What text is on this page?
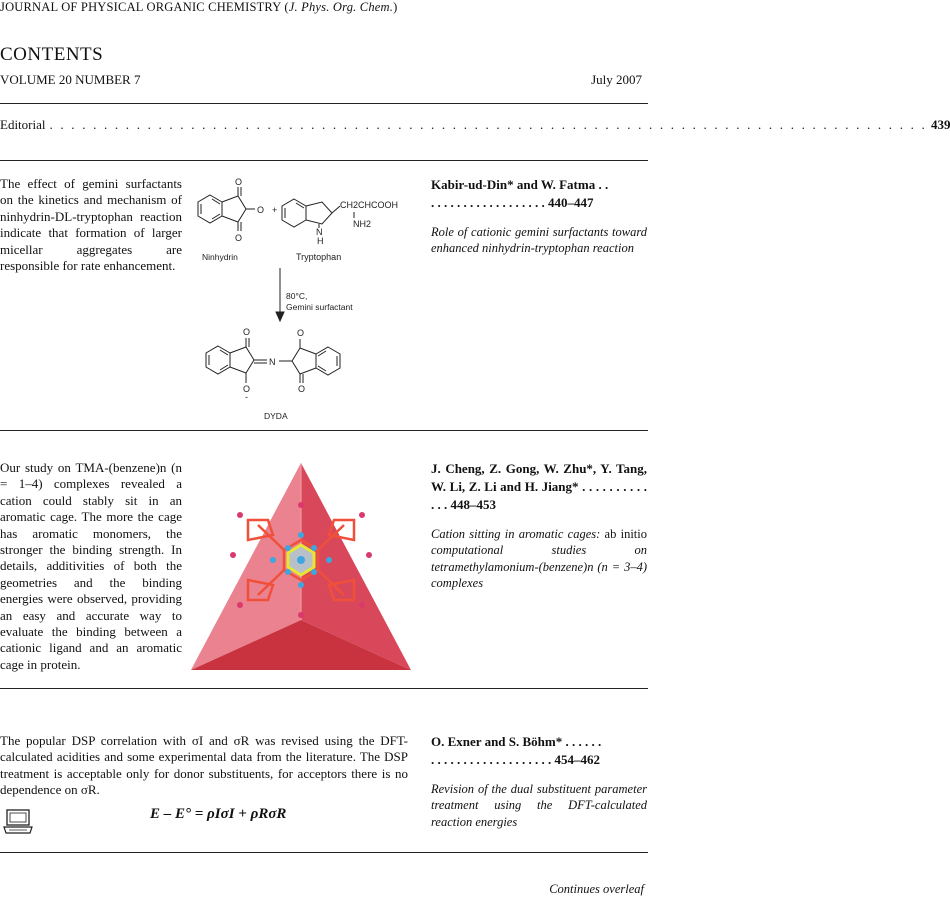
JOURNAL OF PHYSICAL ORGANIC CHEMISTRY (J. Phys. Org. Chem.)
CONTENTS
VOLUME 20 NUMBER 7	July 2007
Editorial . . . . . . . . . . . . . . . . . . . . . . . . . . . . . . . . . . . . . . . . . . . . . . . . . . . . . . . . . . . . . . . . . . . . . . . . . . . . . . . . . 439
The effect of gemini surfactants on the kinetics and mechanism of ninhydrin-DL-tryptophan reaction indicate that formation of larger micellar aggregates are responsible for rate enhancement.
O
O
O
+
N
H
CH2CHCOOH
NH2
Ninhydrin	Tryptophan
80°C,
Gemini surfactant
O
N
O
O
-
O
DYDA
Kabir-ud-Din* and W. Fatma . .
. . . . . . . . . . . . . . . . . . 440–447
Role of cationic gemini surfactants toward enhanced ninhydrin-tryptophan reaction
Our study on TMA-(benzene)n (n = 1–4) complexes revealed a cation could stably sit in an aromatic cage. The more the cage has aromatic monomers, the stronger the binding strength. In details, additivities of both the geometries and the binding energies were observed, providing an easy and accurate way to evaluate the binding between a cationic ligand and an aromatic cage in protein.
J. Cheng, Z. Gong, W. Zhu*, Y. Tang, W. Li, Z. Li and H. Jiang* . . . . . . . . . . . . . 448–453
Cation sitting in aromatic cages: ab initio computational studies on tetramethylamonium-(benzene)n (n = 3–4) complexes
The popular DSP correlation with σI and σR was revised using the DFT-calculated acidities and some experimental data from the literature. The DSP treatment is acceptable only for donor substituents, for acceptors there is no dependence on σR.
E – E° = ρIσI + ρRσR
O. Exner and S. Böhm* . . . . . .
. . . . . . . . . . . . . . . . . . . 454–462
Revision of the dual substituent parameter treatment using the DFT-calculated reaction energies
Continues overleaf
